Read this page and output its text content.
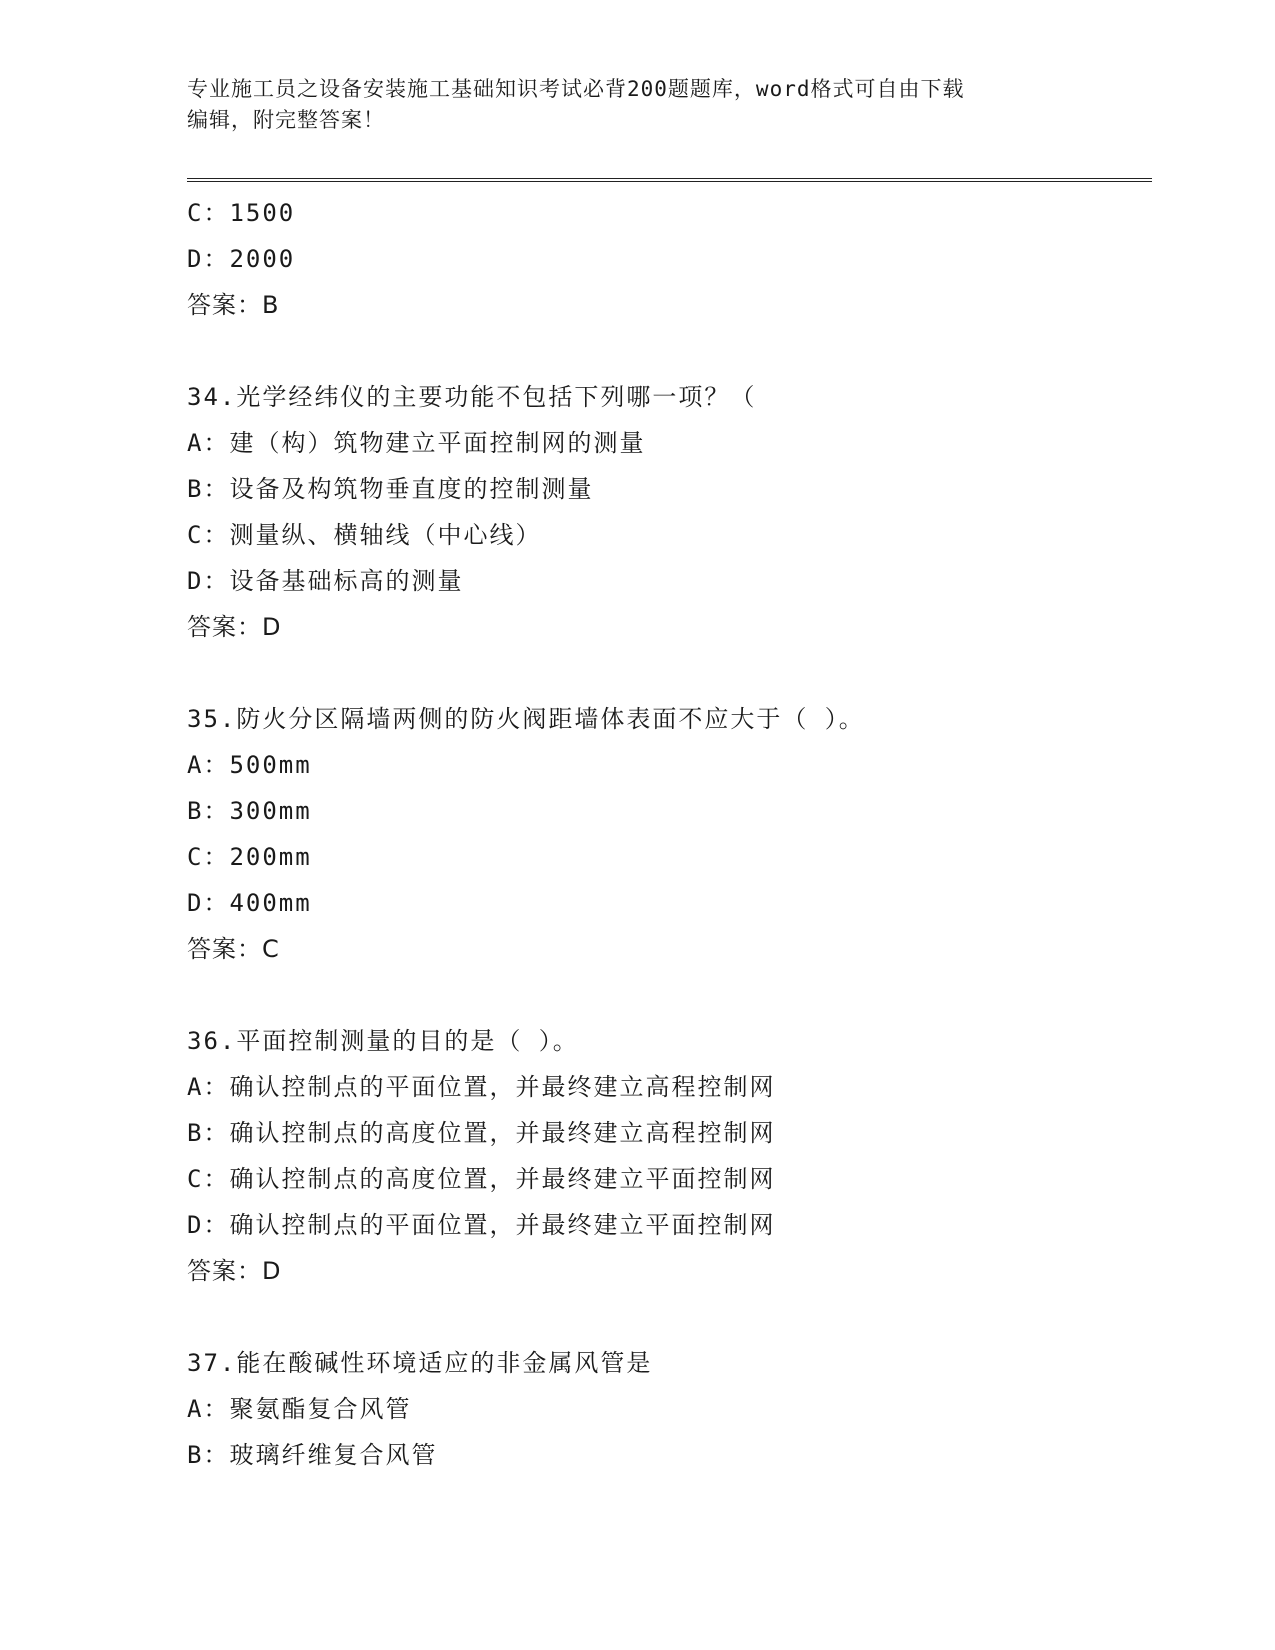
专业施工员之设备安装施工基础知识考试必背200题题库，word格式可自由下载
编辑，附完整答案！
C：1500
D：2000
答案：B
34.光学经纬仪的主要功能不包括下列哪一项？（
A：建（构）筑物建立平面控制网的测量
B：设备及构筑物垂直度的控制测量
C：测量纵、横轴线（中心线）
D：设备基础标高的测量
答案：D
35.防火分区隔墙两侧的防火阀距墙体表面不应大于（ ）。
A：500mm
B：300mm
C：200mm
D：400mm
答案：C
36.平面控制测量的目的是（ ）。
A：确认控制点的平面位置，并最终建立高程控制网
B：确认控制点的高度位置，并最终建立高程控制网
C：确认控制点的高度位置，并最终建立平面控制网
D：确认控制点的平面位置，并最终建立平面控制网
答案：D
37.能在酸碱性环境适应的非金属风管是
A：聚氨酯复合风管
B：玻璃纤维复合风管
